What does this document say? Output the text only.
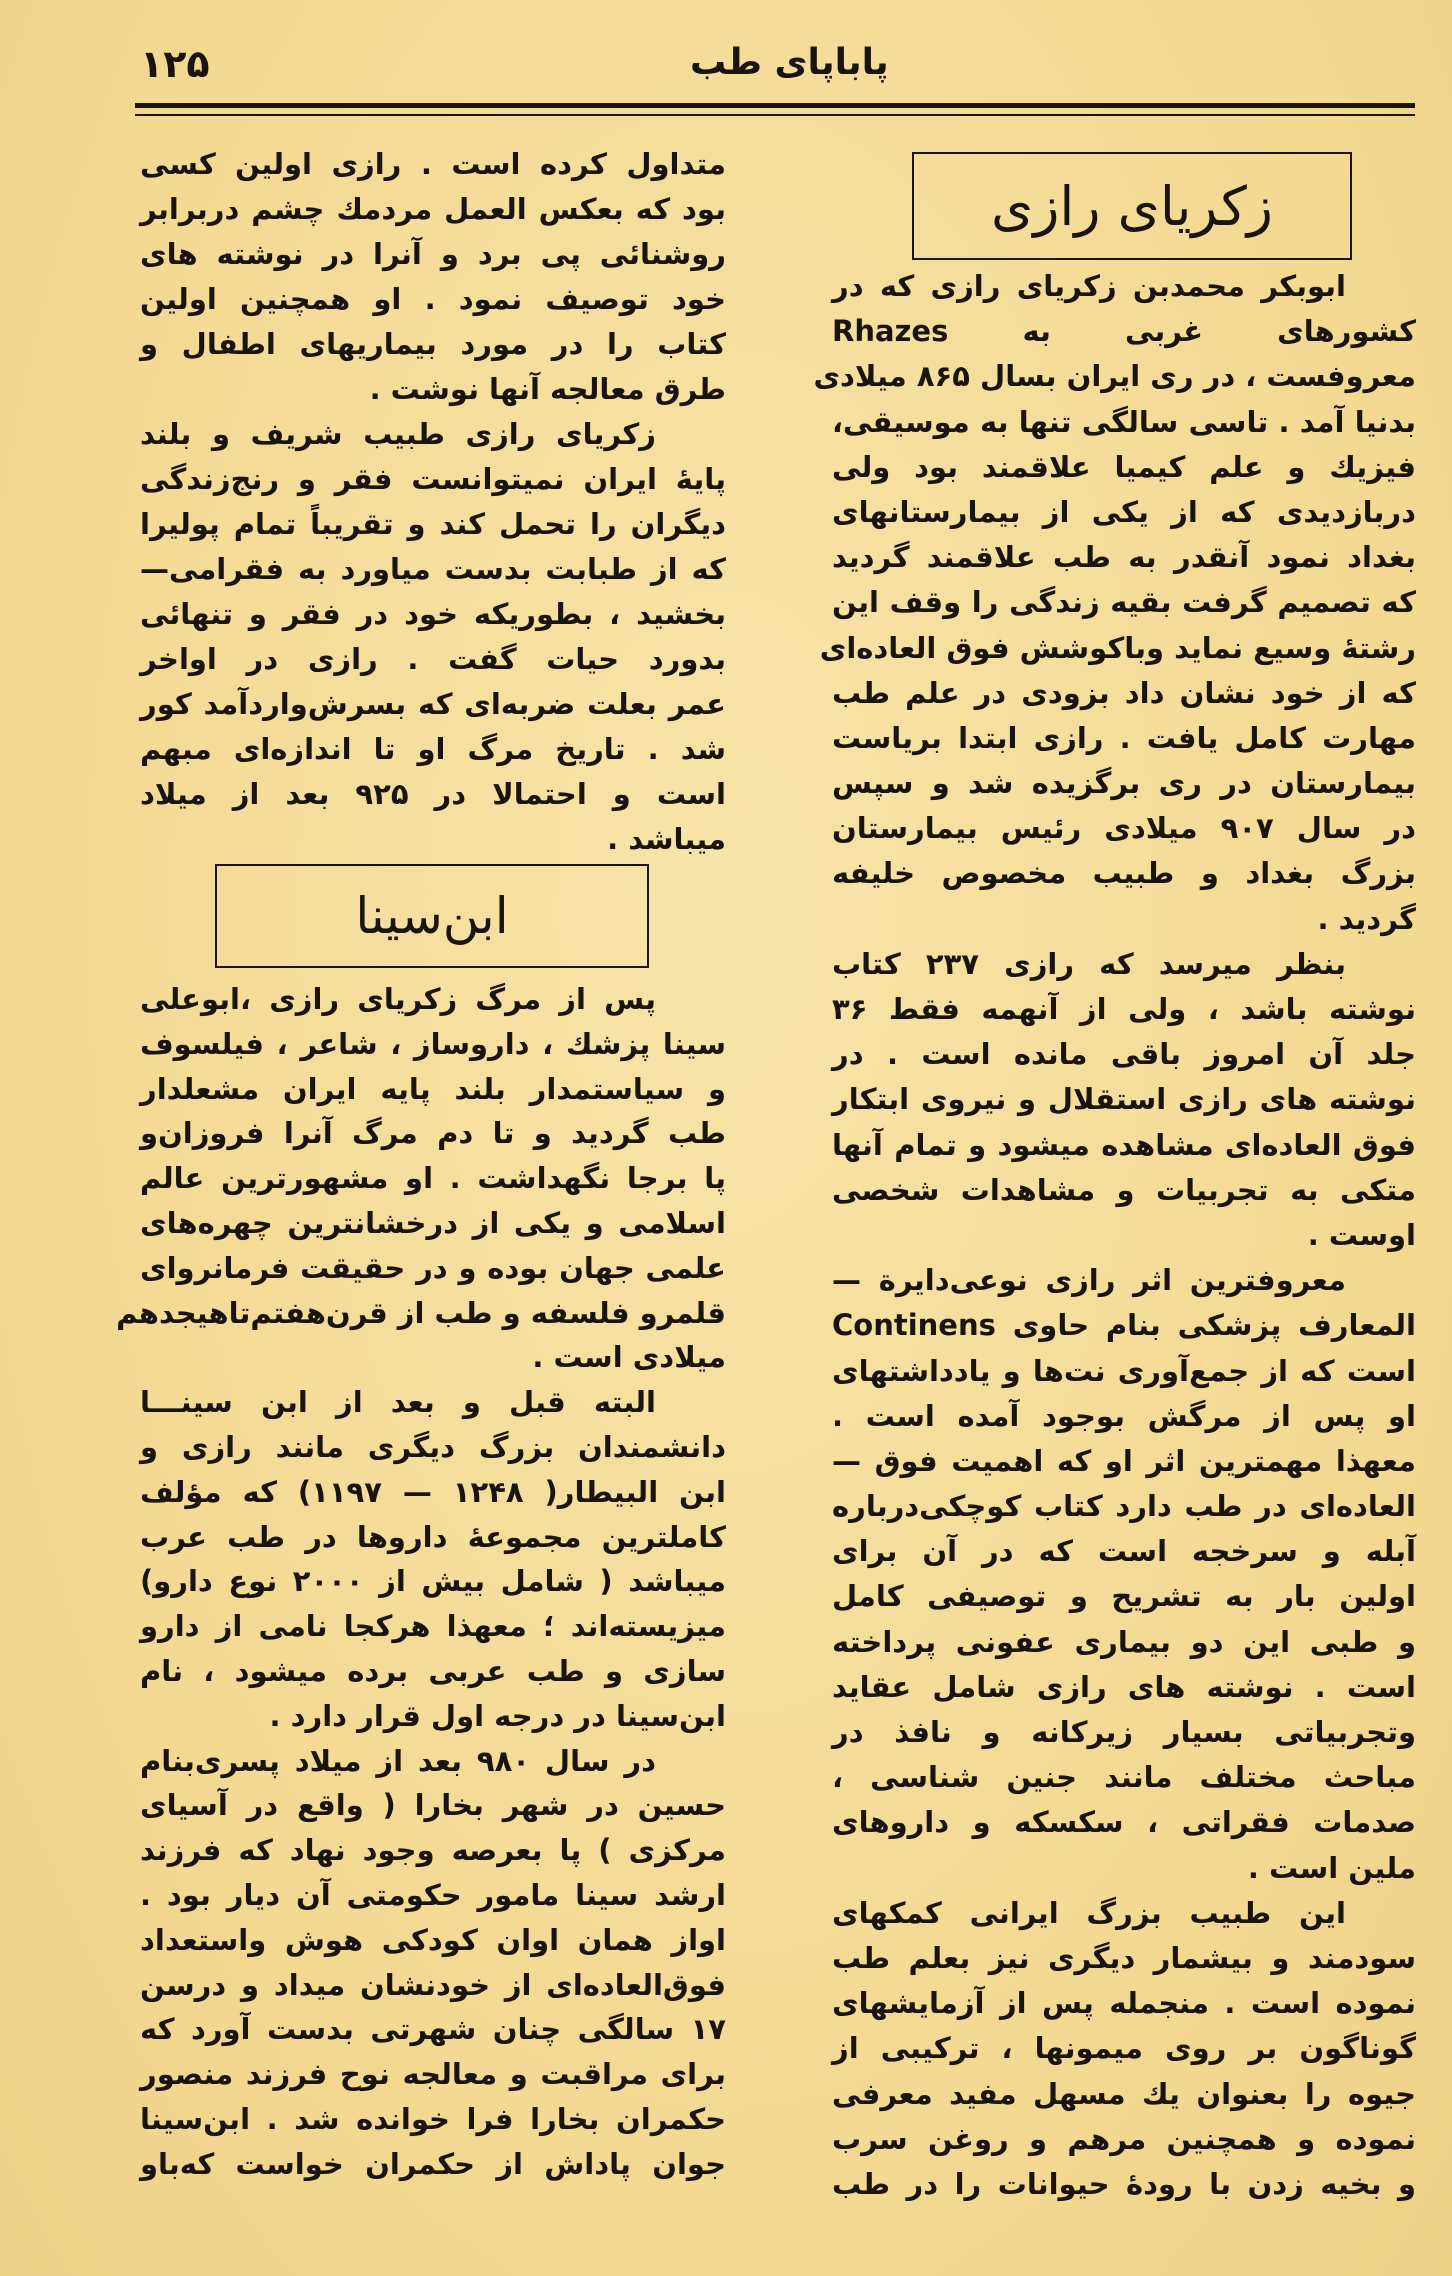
۱۲۵	پاباپای طب
زکریای رازی
ابوبکر محمدبن زکریای رازی که در
کشورهای غربی به Rhazes
معروفست ، در ری ایران بسال ۸۶۵ میلادی
بدنیا آمد . تاسی سالگی تنها به موسیقی،
فیزیك و علم کیمیا علاقمند بود ولی
دربازدیدی که از یکی از بیمارستانهای
بغداد نمود آنقدر به طب علاقمند گردید
که تصمیم گرفت بقیه زندگی را وقف این
رشتهٔ وسیع نماید وباکوشش فوق العاده‌ای
که از خود نشان داد بزودی در علم طب
مهارت کامل یافت . رازی ابتدا بریاست
بیمارستان در ری برگزیده شد و سپس
در سال ۹۰۷ میلادی رئیس بیمارستان
بزرگ بغداد و طبیب مخصوص خلیفه
گردید .
بنظر میرسد که رازی ۲۳۷ کتاب
نوشته باشد ، ولی از آنهمه فقط ۳۶
جلد آن امروز باقی مانده است . در
نوشته های رازی استقلال و نیروی ابتکار
فوق العاده‌ای مشاهده میشود و تمام آنها
متکی به تجربیات و مشاهدات شخصی
اوست .
معروفترین اثر رازی نوعی‌دایرة —
المعارف پزشکی بنام حاوی Continens
است که از جمع‌آوری نت‌ها و یادداشتهای
او پس از مرگش بوجود آمده است .
معهذا مهمترین اثر او که اهمیت فوق —
العاده‌ای در طب دارد کتاب کوچکی‌درباره
آبله و سرخجه است که در آن برای
اولین بار به تشریح و توصیفی کامل
و طبی این دو بیماری عفونی پرداخته
است . نوشته های رازی شامل عقاید
وتجربیاتی بسیار زیرکانه و نافذ در
مباحث مختلف مانند جنین شناسی ،
صدمات فقراتی ، سکسکه و داروهای
ملین است .
این طبیب بزرگ ایرانی کمکهای
سودمند و بیشمار دیگری نیز بعلم طب
نموده است . منجمله پس از آزمایشهای
گوناگون بر روی میمونها ، ترکیبی از
جیوه را بعنوان یك مسهل مفید معرفی
نموده و همچنین مرهم و روغن سرب
و بخیه زدن با رودهٔ حیوانات را در طب
متداول کرده است . رازی اولین کسی
بود که بعکس العمل مردمك چشم دربرابر
روشنائی پی برد و آنرا در نوشته های
خود توصیف نمود . او همچنین اولین
کتاب را در مورد بیماریهای اطفال و
طرق معالجه آنها نوشت .
زکریای رازی طبیب شریف و بلند
پایهٔ ایران نمیتوانست فقر و رنج‌زندگی
دیگران را تحمل کند و تقریباً تمام پولیرا
که از طبابت بدست میاورد به فقرامی—
بخشید ، بطوریکه خود در فقر و تنهائی
بدورد حیات گفت . رازی در اواخر
عمر بعلت ضربه‌ای که بسرش‌وارد‌آمد کور
شد . تاریخ مرگ او تا اندازه‌ای مبهم
است و احتمالا در ۹۲۵ بعد از میلاد
میباشد .
ابن‌سینا
پس از مرگ زکریای رازی ،ابوعلی
سینا پزشك ، داروساز ، شاعر ، فیلسوف
و سیاستمدار بلند پایه ایران مشعلدار
طب گردید و تا دم مرگ آنرا فروزان‌و
پا برجا نگهداشت . او مشهورترین عالم
اسلامی و یکی از درخشانترین چهره‌های
علمی جهان بوده و در حقیقت فرمانروای
قلمرو فلسفه و طب از قرن‌هفتم‌تاهیجدهم
میلادی است .
البته قبل و بعد از ابن سینـــا
دانشمندان بزرگ دیگری مانند رازی و
ابن البیطار( ۱۲۴۸ — ۱۱۹۷) که مؤلف
کاملترین مجموعهٔ داروها در طب عرب
میباشد ( شامل بیش از ۲۰۰۰ نوع دارو)
میزیسته‌اند ؛ معهذا هرکجا نامی از دارو
سازی و طب عربی برده میشود ، نام
ابن‌سینا در درجه اول قرار دارد .
در سال ۹۸۰ بعد از میلاد پسری‌بنام
حسین در شهر بخارا ( واقع در آسیای
مرکزی ) پا بعرصه وجود نهاد که فرزند
ارشد سینا مامور حکومتی آن دیار بود .
اواز همان اوان کودکی هوش واستعداد
فوق‌العاده‌ای از خودنشان میداد و درسن
۱۷ سالگی چنان شهرتی بدست آورد که
برای مراقبت و معالجه نوح فرزند منصور
حکمران بخارا فرا خوانده شد . ابن‌سینا
جوان پاداش از حکمران خواست که‌باو
